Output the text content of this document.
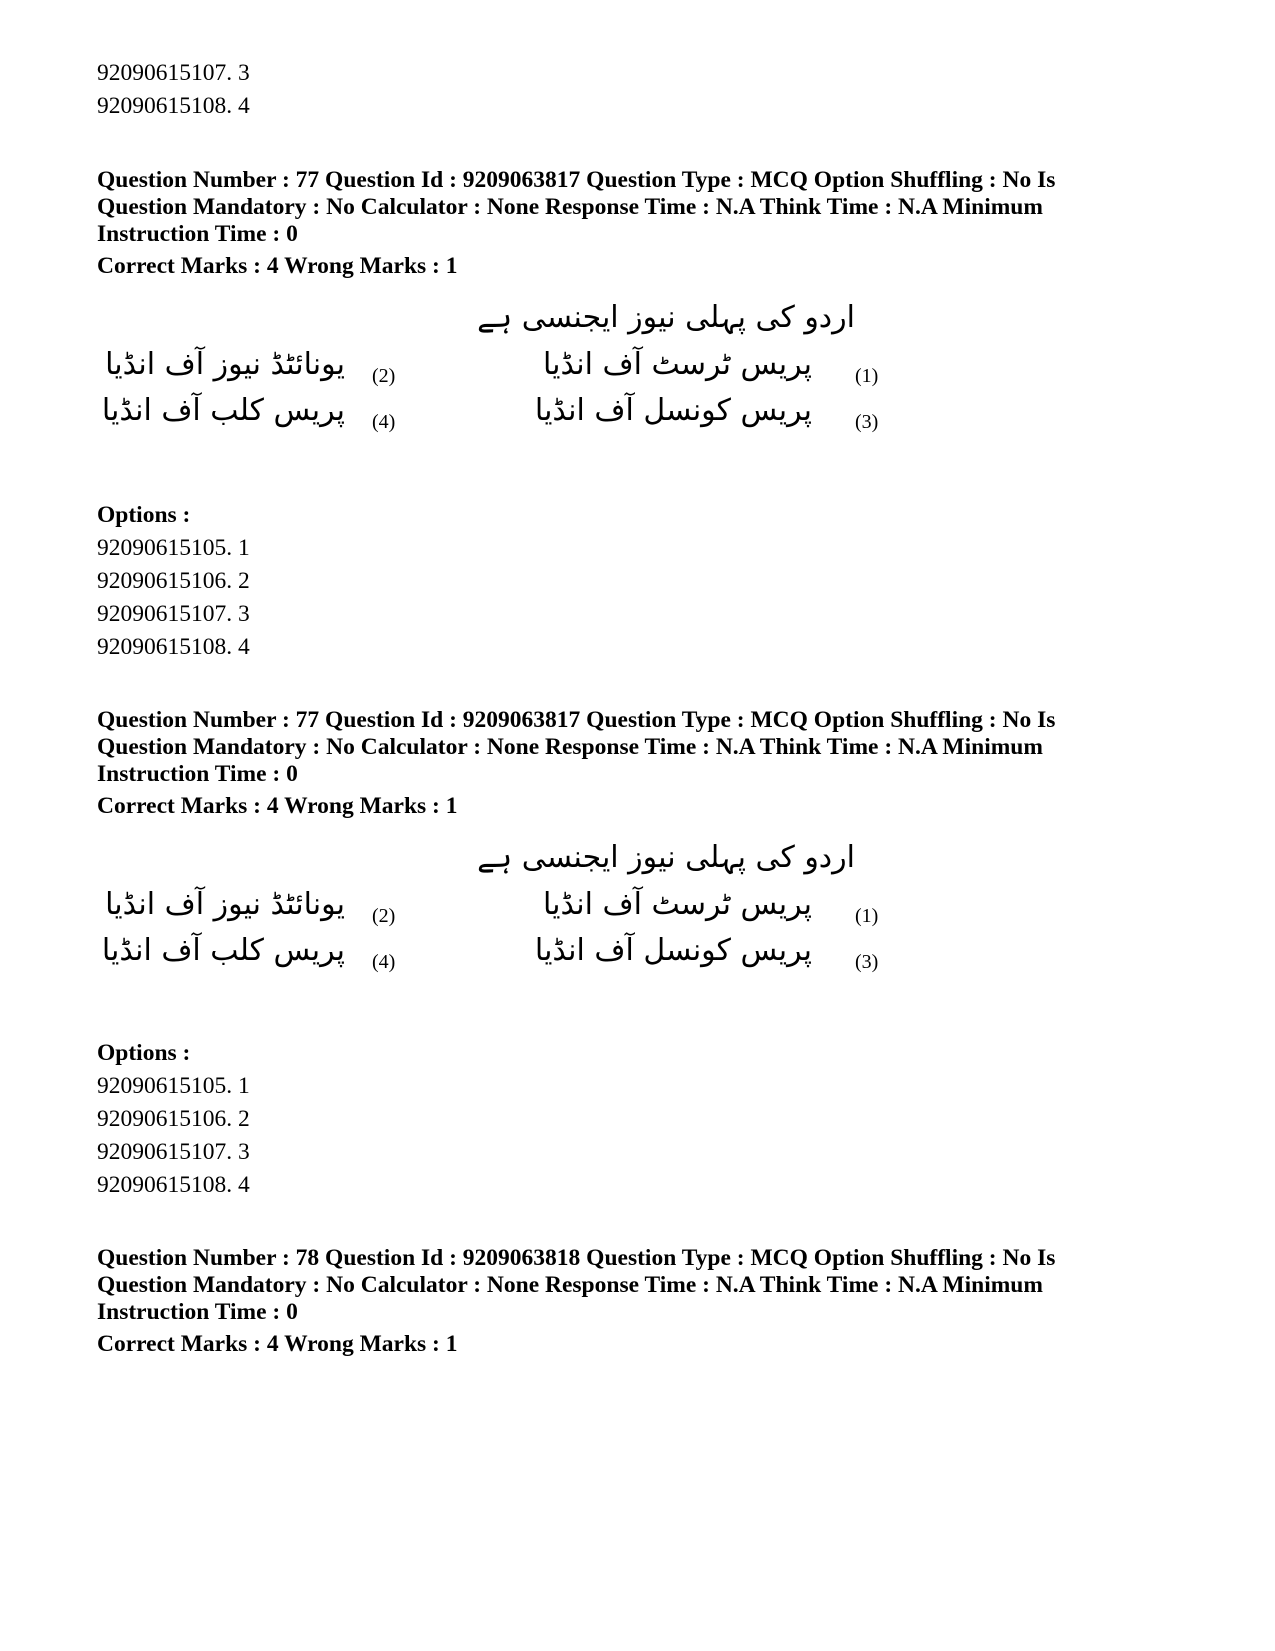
92090615107. 3
92090615108. 4
Question Number : 77 Question Id : 9209063817 Question Type : MCQ Option Shuffling : No Is
Question Mandatory : No Calculator : None Response Time : N.A Think Time : N.A Minimum
Instruction Time : 0
Correct Marks : 4 Wrong Marks : 1
اردو کی پہلی نیوز ایجنسی ہے
(1)
پریس ٹرسٹ آف انڈیا
(2)
یونائٹڈ نیوز آف انڈیا
(3)
پریس کونسل آف انڈیا
(4)
پریس کلب آف انڈیا
Options :
92090615105. 1
92090615106. 2
92090615107. 3
92090615108. 4
Question Number : 77 Question Id : 9209063817 Question Type : MCQ Option Shuffling : No Is
Question Mandatory : No Calculator : None Response Time : N.A Think Time : N.A Minimum
Instruction Time : 0
Correct Marks : 4 Wrong Marks : 1
اردو کی پہلی نیوز ایجنسی ہے
(1)
پریس ٹرسٹ آف انڈیا
(2)
یونائٹڈ نیوز آف انڈیا
(3)
پریس کونسل آف انڈیا
(4)
پریس کلب آف انڈیا
Options :
92090615105. 1
92090615106. 2
92090615107. 3
92090615108. 4
Question Number : 78 Question Id : 9209063818 Question Type : MCQ Option Shuffling : No Is
Question Mandatory : No Calculator : None Response Time : N.A Think Time : N.A Minimum
Instruction Time : 0
Correct Marks : 4 Wrong Marks : 1
